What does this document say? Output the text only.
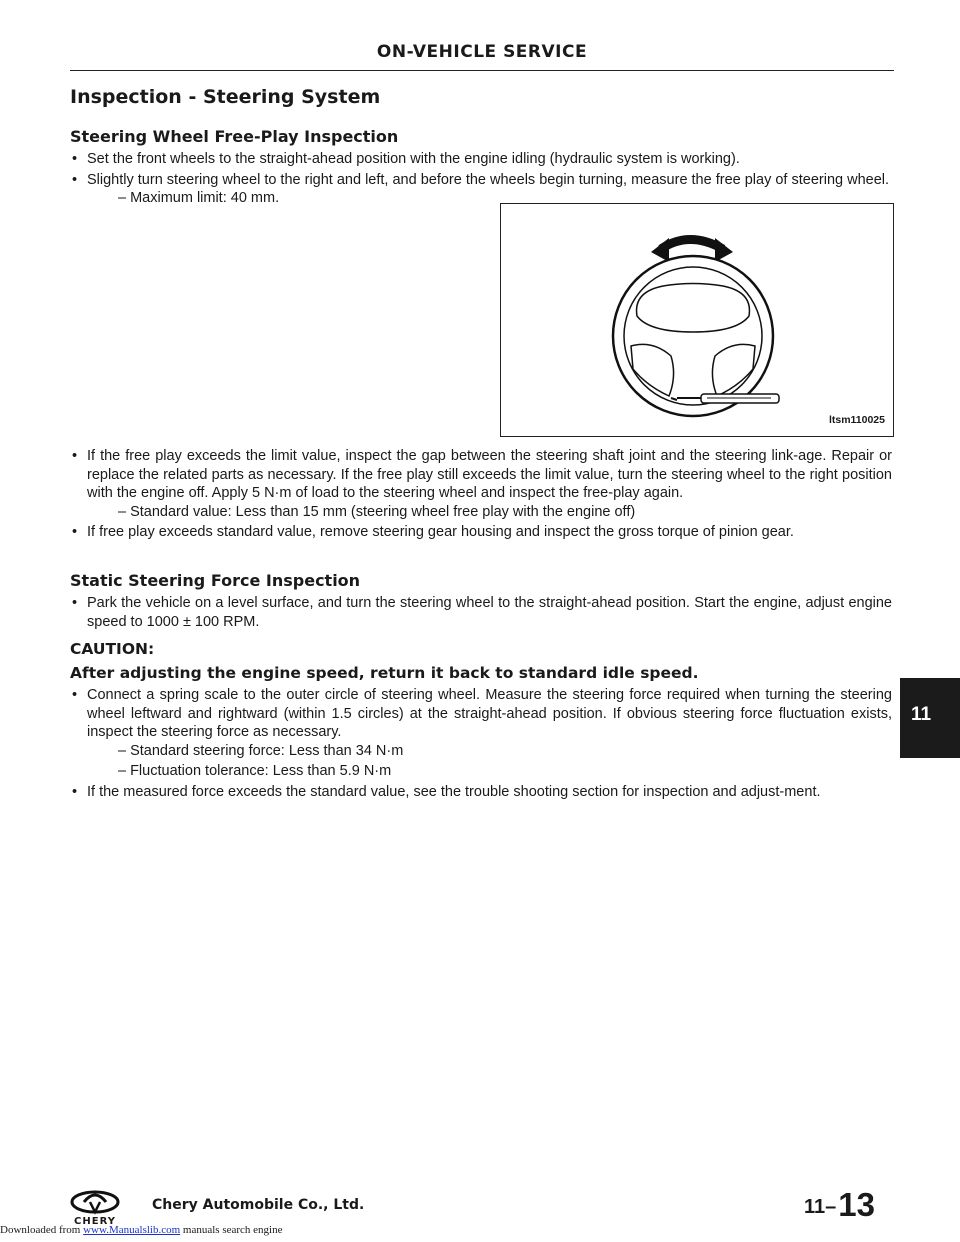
ON-VEHICLE SERVICE
Inspection - Steering System
Steering Wheel Free-Play Inspection
• Set the front wheels to the straight-ahead position with the engine idling (hydraulic system is working).
• Slightly turn steering wheel to the right and left, and before the wheels begin turning, measure the free play of steering wheel.
– Maximum limit: 40 mm.
ltsm110025
• If the free play exceeds the limit value, inspect the gap between the steering shaft joint and the steering link-age. Repair or replace the related parts as necessary. If the free play still exceeds the limit value, turn the steering wheel to the right position with the engine off. Apply 5 N·m of load to the steering wheel and inspect the free-play again.
– Standard value: Less than 15 mm (steering wheel free play with the engine off)
• If free play exceeds standard value, remove steering gear housing and inspect the gross torque of pinion gear.
Static Steering Force Inspection
• Park the vehicle on a level surface, and turn the steering wheel to the straight-ahead position. Start the engine, adjust engine speed to 1000 ± 100 RPM.

CAUTION:

After adjusting the engine speed, return it back to standard idle speed.

• Connect a spring scale to the outer circle of steering wheel. Measure the steering force required when turning the steering wheel leftward and rightward (within 1.5 circles) at the straight-ahead position. If obvious steering force fluctuation exists, inspect the steering force as necessary.
– Standard steering force: Less than 34 N·m
– Fluctuation tolerance: Less than 5.9 N·m
• If the measured force exceeds the standard value, see the trouble shooting section for inspection and adjust-ment.
11
CHERY
Chery Automobile Co., Ltd.	11–13
Downloaded from www.Manualslib.com manuals search engine
